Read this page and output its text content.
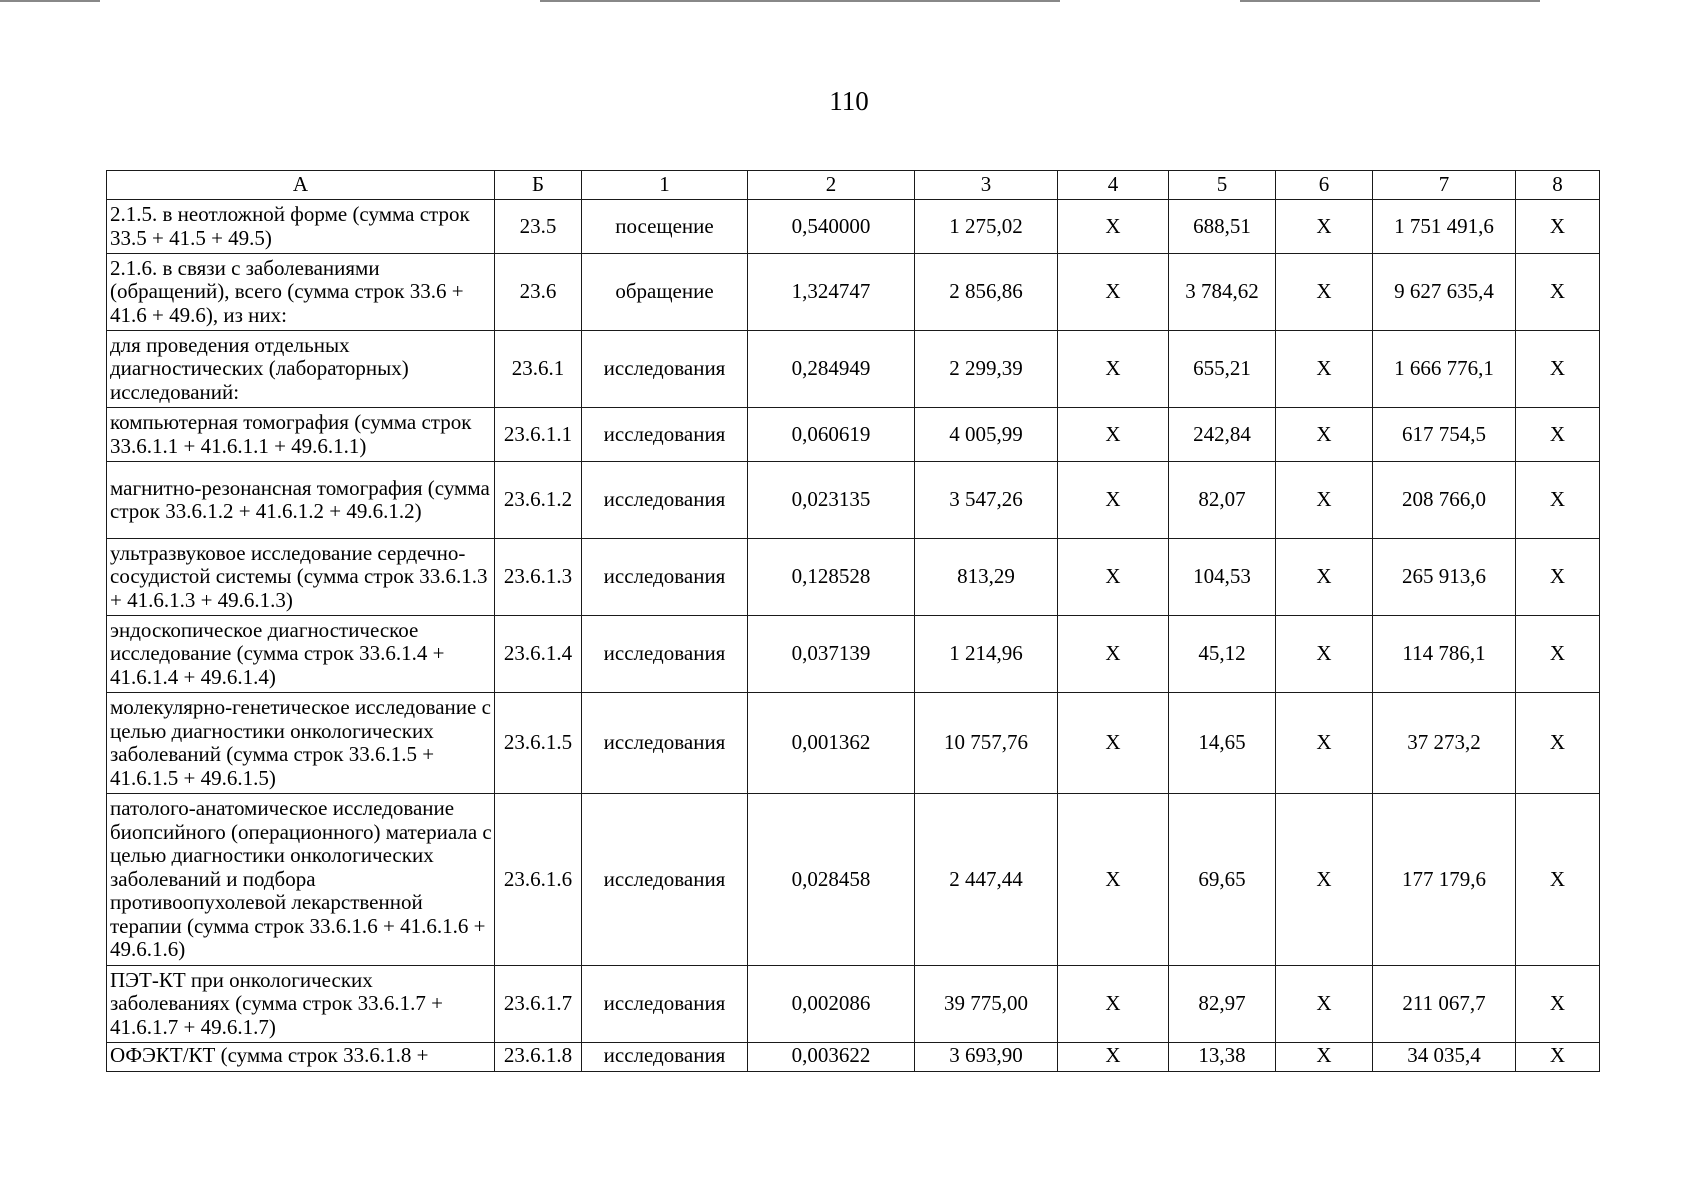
110
А	Б	1	2	3	4	5	6	7	8
2.1.5. в неотложной форме (сумма строк 33.5 + 41.5 + 49.5)	23.5	посещение	0,540000	1 275,02	X	688,51	X	1 751 491,6	X
2.1.6. в связи с заболеваниями (обращений), всего (сумма строк 33.6 + 41.6 + 49.6), из них:	23.6	обращение	1,324747	2 856,86	X	3 784,62	X	9 627 635,4	X
для проведения отдельных диагностических (лабораторных) исследований:	23.6.1	исследования	0,284949	2 299,39	X	655,21	X	1 666 776,1	X
компьютерная томография (сумма строк 33.6.1.1 + 41.6.1.1 + 49.6.1.1)	23.6.1.1	исследования	0,060619	4 005,99	X	242,84	X	617 754,5	X
магнитно-резонансная томография (сумма строк 33.6.1.2 + 41.6.1.2 + 49.6.1.2)	23.6.1.2	исследования	0,023135	3 547,26	X	82,07	X	208 766,0	X
ультразвуковое исследование сердечно-сосудистой системы (сумма строк 33.6.1.3 + 41.6.1.3 + 49.6.1.3)	23.6.1.3	исследования	0,128528	813,29	X	104,53	X	265 913,6	X
эндоскопическое диагностическое исследование (сумма строк 33.6.1.4 + 41.6.1.4 + 49.6.1.4)	23.6.1.4	исследования	0,037139	1 214,96	X	45,12	X	114 786,1	X
молекулярно-генетическое исследование с целью диагностики онкологических заболеваний (сумма строк 33.6.1.5 + 41.6.1.5 + 49.6.1.5)	23.6.1.5	исследования	0,001362	10 757,76	X	14,65	X	37 273,2	X
патолого-анатомическое исследование биопсийного (операционного) материала с целью диагностики онкологических заболеваний и подбора противоопухолевой лекарственной терапии (сумма строк 33.6.1.6 + 41.6.1.6 + 49.6.1.6)	23.6.1.6	исследования	0,028458	2 447,44	X	69,65	X	177 179,6	X
ПЭТ-КТ при онкологических заболеваниях (сумма строк 33.6.1.7 + 41.6.1.7 + 49.6.1.7)	23.6.1.7	исследования	0,002086	39 775,00	X	82,97	X	211 067,7	X
ОФЭКТ/КТ (сумма строк 33.6.1.8 +	23.6.1.8	исследования	0,003622	3 693,90	X	13,38	X	34 035,4	X
